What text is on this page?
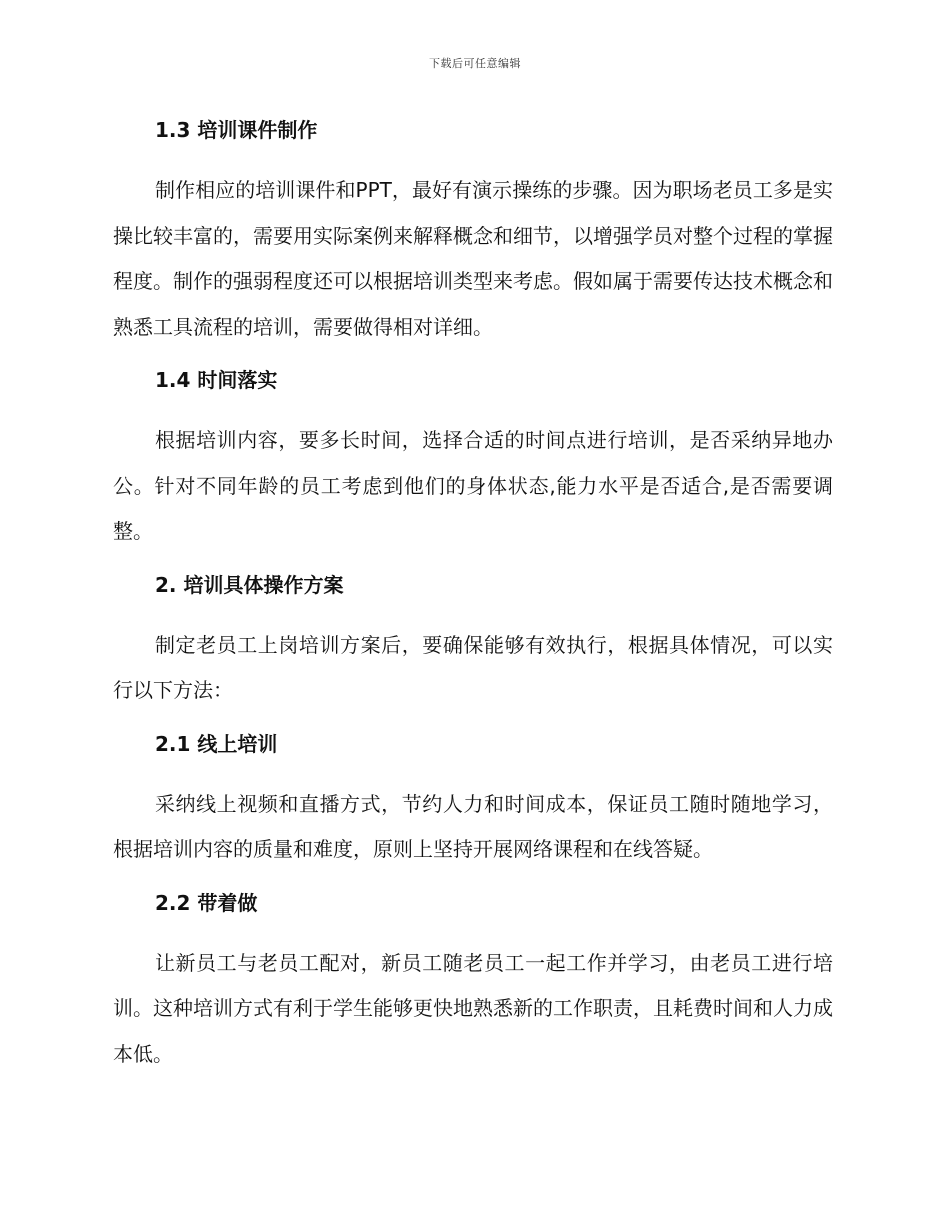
下载后可任意编辑
1.3 培训课件制作

制作相应的培训课件和PPT，最好有演示操练的步骤。因为职场老员工多是实操比较丰富的，需要用实际案例来解释概念和细节，以增强学员对整个过程的掌握程度。制作的强弱程度还可以根据培训类型来考虑。假如属于需要传达技术概念和熟悉工具流程的培训，需要做得相对详细。

1.4 时间落实

根据培训内容，要多长时间，选择合适的时间点进行培训，是否采纳异地办公。针对不同年龄的员工考虑到他们的身体状态,能力水平是否适合,是否需要调整。

2. 培训具体操作方案

制定老员工上岗培训方案后，要确保能够有效执行，根据具体情况，可以实行以下方法：

2.1 线上培训

采纳线上视频和直播方式，节约人力和时间成本，保证员工随时随地学习，根据培训内容的质量和难度，原则上坚持开展网络课程和在线答疑。

2.2 带着做

让新员工与老员工配对，新员工随老员工一起工作并学习，由老员工进行培训。这种培训方式有利于学生能够更快地熟悉新的工作职责，且耗费时间和人力成本低。
